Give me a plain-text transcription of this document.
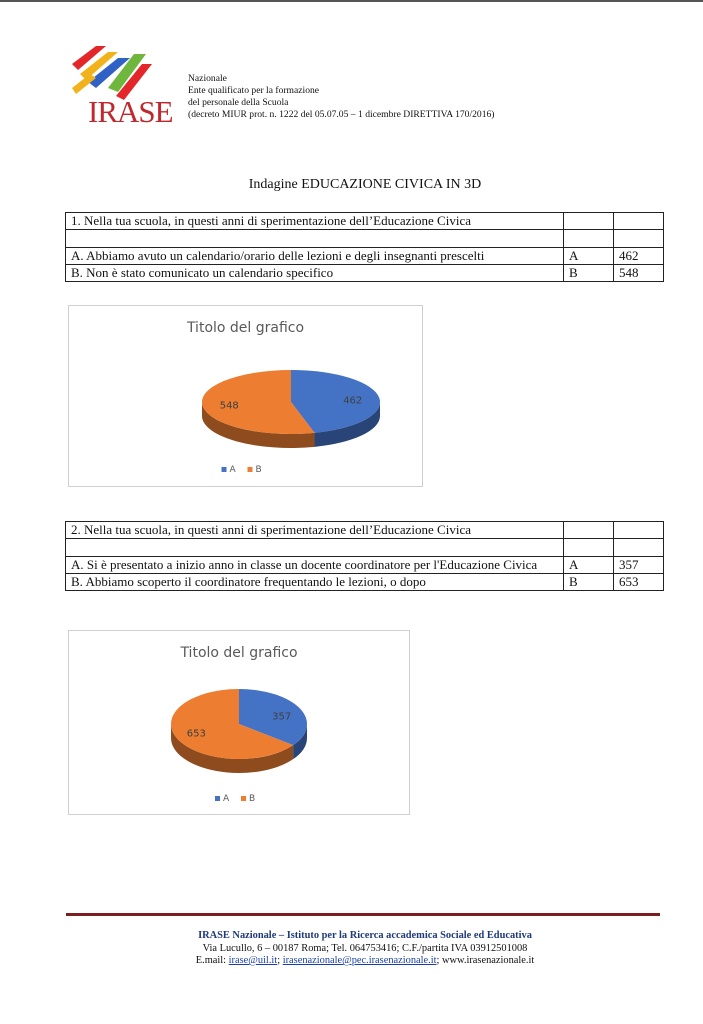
IRASE
Nazionale
Ente qualificato per la formazione
del personale della Scuola
(decreto MIUR prot. n. 1222 del 05.07.05 – 1 dicembre DIRETTIVA 170/2016)
Indagine EDUCAZIONE CIVICA IN 3D
1. Nella tua scuola, in questi anni di sperimentazione dell’Educazione Civica		

A. Abbiamo avuto un calendario/orario delle lezioni e degli insegnanti prescelti	A	462
B. Non è stato comunicato un calendario specifico	B	548
Titolo del grafico
462
548
A B
2. Nella tua scuola, in questi anni di sperimentazione dell’Educazione Civica		

A. Si è presentato a inizio anno in classe un docente coordinatore per l'Educazione Civica	A	357
B. Abbiamo scoperto il coordinatore frequentando le lezioni, o dopo	B	653
Titolo del grafico
357
653
A B
IRASE Nazionale – Istituto per la Ricerca accademica Sociale ed Educativa
Via Lucullo, 6 – 00187 Roma; Tel. 064753416; C.F./partita IVA 03912501008
E.mail: irase@uil.it; irasenazionale@pec.irasenazionale.it; www.irasenazionale.it
